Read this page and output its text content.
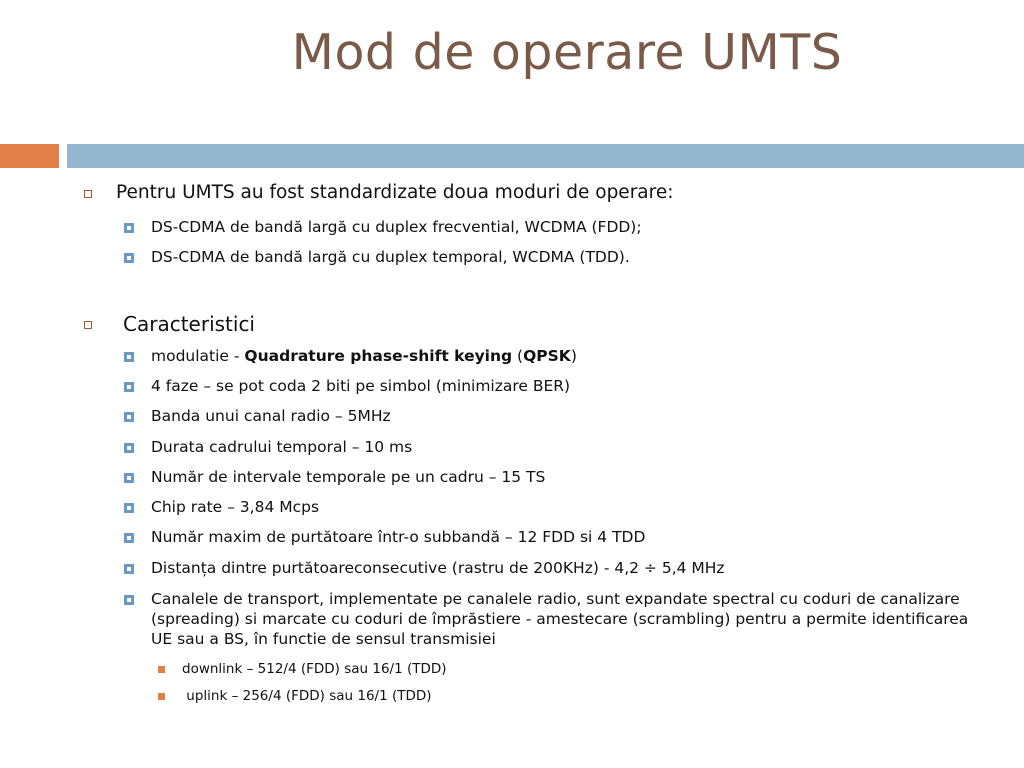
Mod de operare UMTS
Pentru UMTS au fost standardizate doua moduri de operare:
DS-CDMA de bandă largă cu duplex frecvential, WCDMA (FDD);
DS-CDMA de bandă largă cu duplex temporal, WCDMA (TDD).
Caracteristici
modulatie - Quadrature phase-shift keying (QPSK)
4 faze – se pot coda 2 biti pe simbol (minimizare BER)
Banda unui canal radio – 5MHz
Durata cadrului temporal – 10 ms
Număr de intervale temporale pe un cadru – 15 TS
Chip rate – 3,84 Mcps
Număr maxim de purtătoare într-o subbandă – 12 FDD si 4 TDD
Distanța dintre purtătoareconsecutive (rastru de 200KHz) - 4,2 ÷ 5,4 MHz
Canalele de transport, implementate pe canalele radio, sunt expandate spectral cu coduri de canalizare (spreading) si marcate cu coduri de împrăstiere - amestecare (scrambling) pentru a permite identificarea UE sau a BS, în functie de sensul transmisiei
downlink – 512/4 (FDD) sau 16/1 (TDD)
uplink – 256/4 (FDD) sau 16/1 (TDD)
